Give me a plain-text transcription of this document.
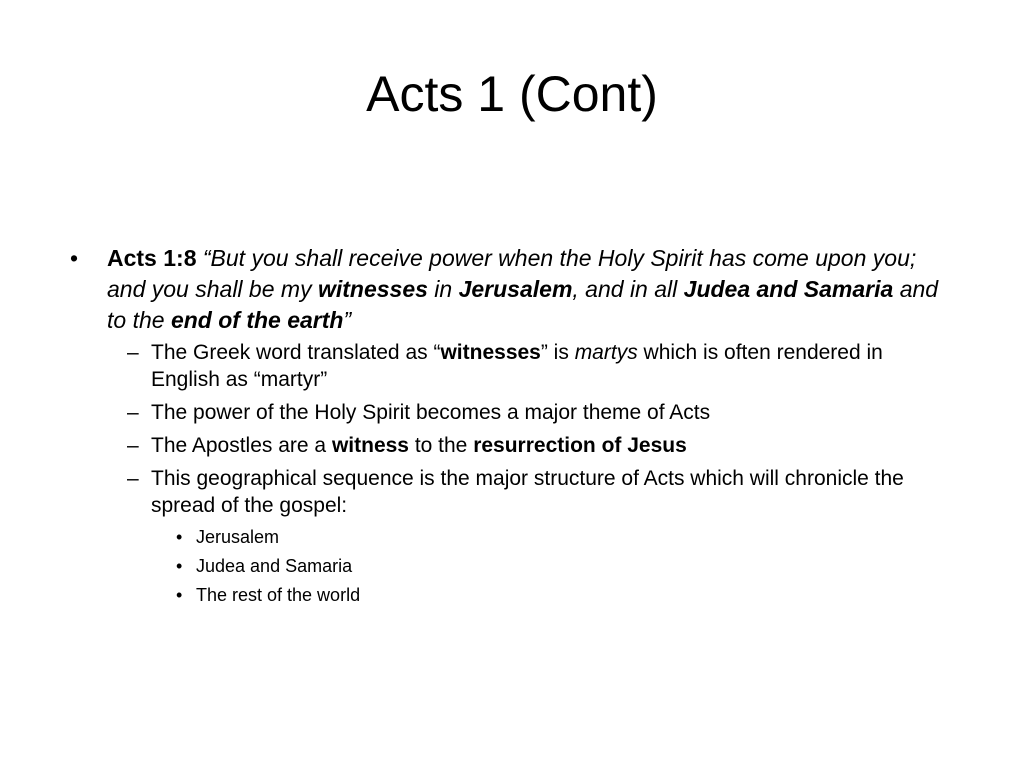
Acts 1 (Cont)
•	Acts 1:8 “But you shall receive power when the Holy Spirit has come upon you; and you shall be my witnesses in Jerusalem, and in all Judea and Samaria and to the end of the earth”
– The Greek word translated as “witnesses” is martys which is often rendered in English as “martyr”
– The power of the Holy Spirit becomes a major theme of Acts
– The Apostles are a witness to the resurrection of Jesus
– This geographical sequence is the major structure of Acts which will chronicle the spread of the gospel:
• Jerusalem
• Judea and Samaria
• The rest of the world
